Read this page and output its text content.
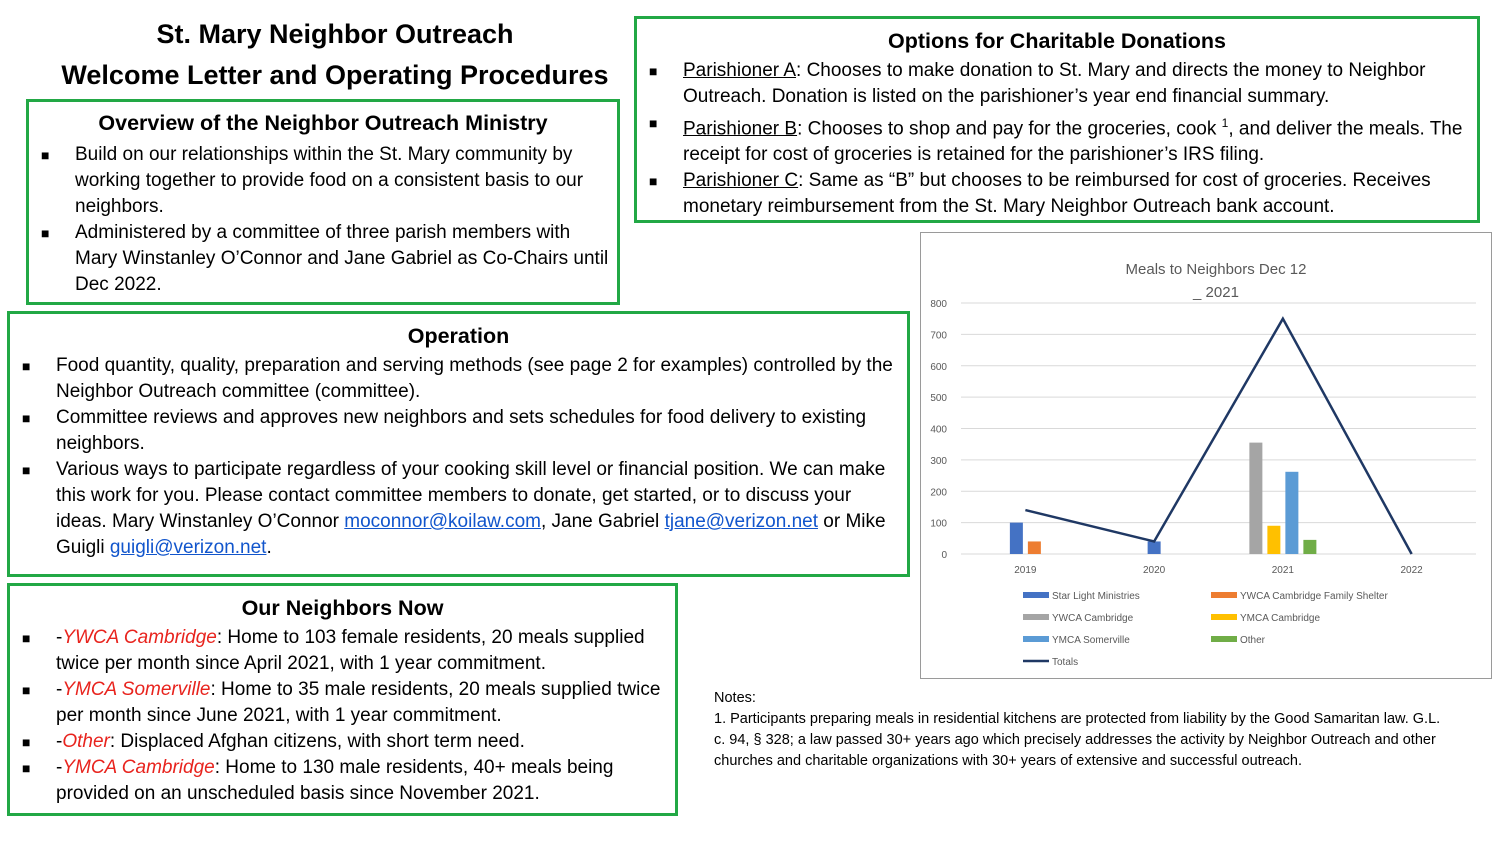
St. Mary Neighbor Outreach
Welcome Letter and Operating Procedures
Overview of the Neighbor Outreach Ministry
■ Build on our relationships within the St. Mary community by working together to provide food on a consistent basis to our neighbors.
■ Administered by a committee of three parish members with Mary Winstanley O’Connor and Jane Gabriel as Co-Chairs until Dec 2022.
Options for Charitable Donations
■ Parishioner A: Chooses to make donation to St. Mary and directs the money to Neighbor Outreach. Donation is listed on the parishioner’s year end financial summary.
■ Parishioner B: Chooses to shop and pay for the groceries, cook $^1$, and deliver the meals. The receipt for cost of groceries is retained for the parishioner’s IRS filing.
■ Parishioner C: Same as “B” but chooses to be reimbursed for cost of groceries. Receives monetary reimbursement from the St. Mary Neighbor Outreach bank account.
Operation
■ Food quantity, quality, preparation and serving methods (see page 2 for examples) controlled by the Neighbor Outreach committee (committee).
■ Committee reviews and approves new neighbors and sets schedules for food delivery to existing neighbors.
■ Various ways to participate regardless of your cooking skill level or financial position. We can make this work for you. Please contact committee members to donate, get started, or to discuss your ideas. Mary Winstanley O’Connor moconnor@koilaw.com, Jane Gabriel tjane@verizon.net or Mike Guigli guigli@verizon.net.
Our Neighbors Now
■ -YWCA Cambridge: Home to 103 female residents, 20 meals supplied twice per month since April 2021, with 1 year commitment.
■ -YMCA Somerville: Home to 35 male residents, 20 meals supplied twice per month since June 2021, with 1 year commitment.
■ -Other: Displaced Afghan citizens, with short term need.
■ -YMCA Cambridge: Home to 130 male residents, 40+ meals being provided on an unscheduled basis since November 2021.
Notes:
1. Participants preparing meals in residential kitchens are protected from liability by the Good Samaritan law. G.L. c. 94, § 328; a law passed 30+ years ago which precisely addresses the activity by Neighbor Outreach and other churches and charitable organizations with 30+ years of extensive and successful outreach.
Meals to Neighbors Dec 12
_ 2021
0
100
200
300
400
500
600
700
800
2019	2020	2021	2022
Star Light Ministries	YWCA Cambridge Family Shelter
YWCA Cambridge	YMCA Cambridge
YMCA Somerville	Other
Totals
